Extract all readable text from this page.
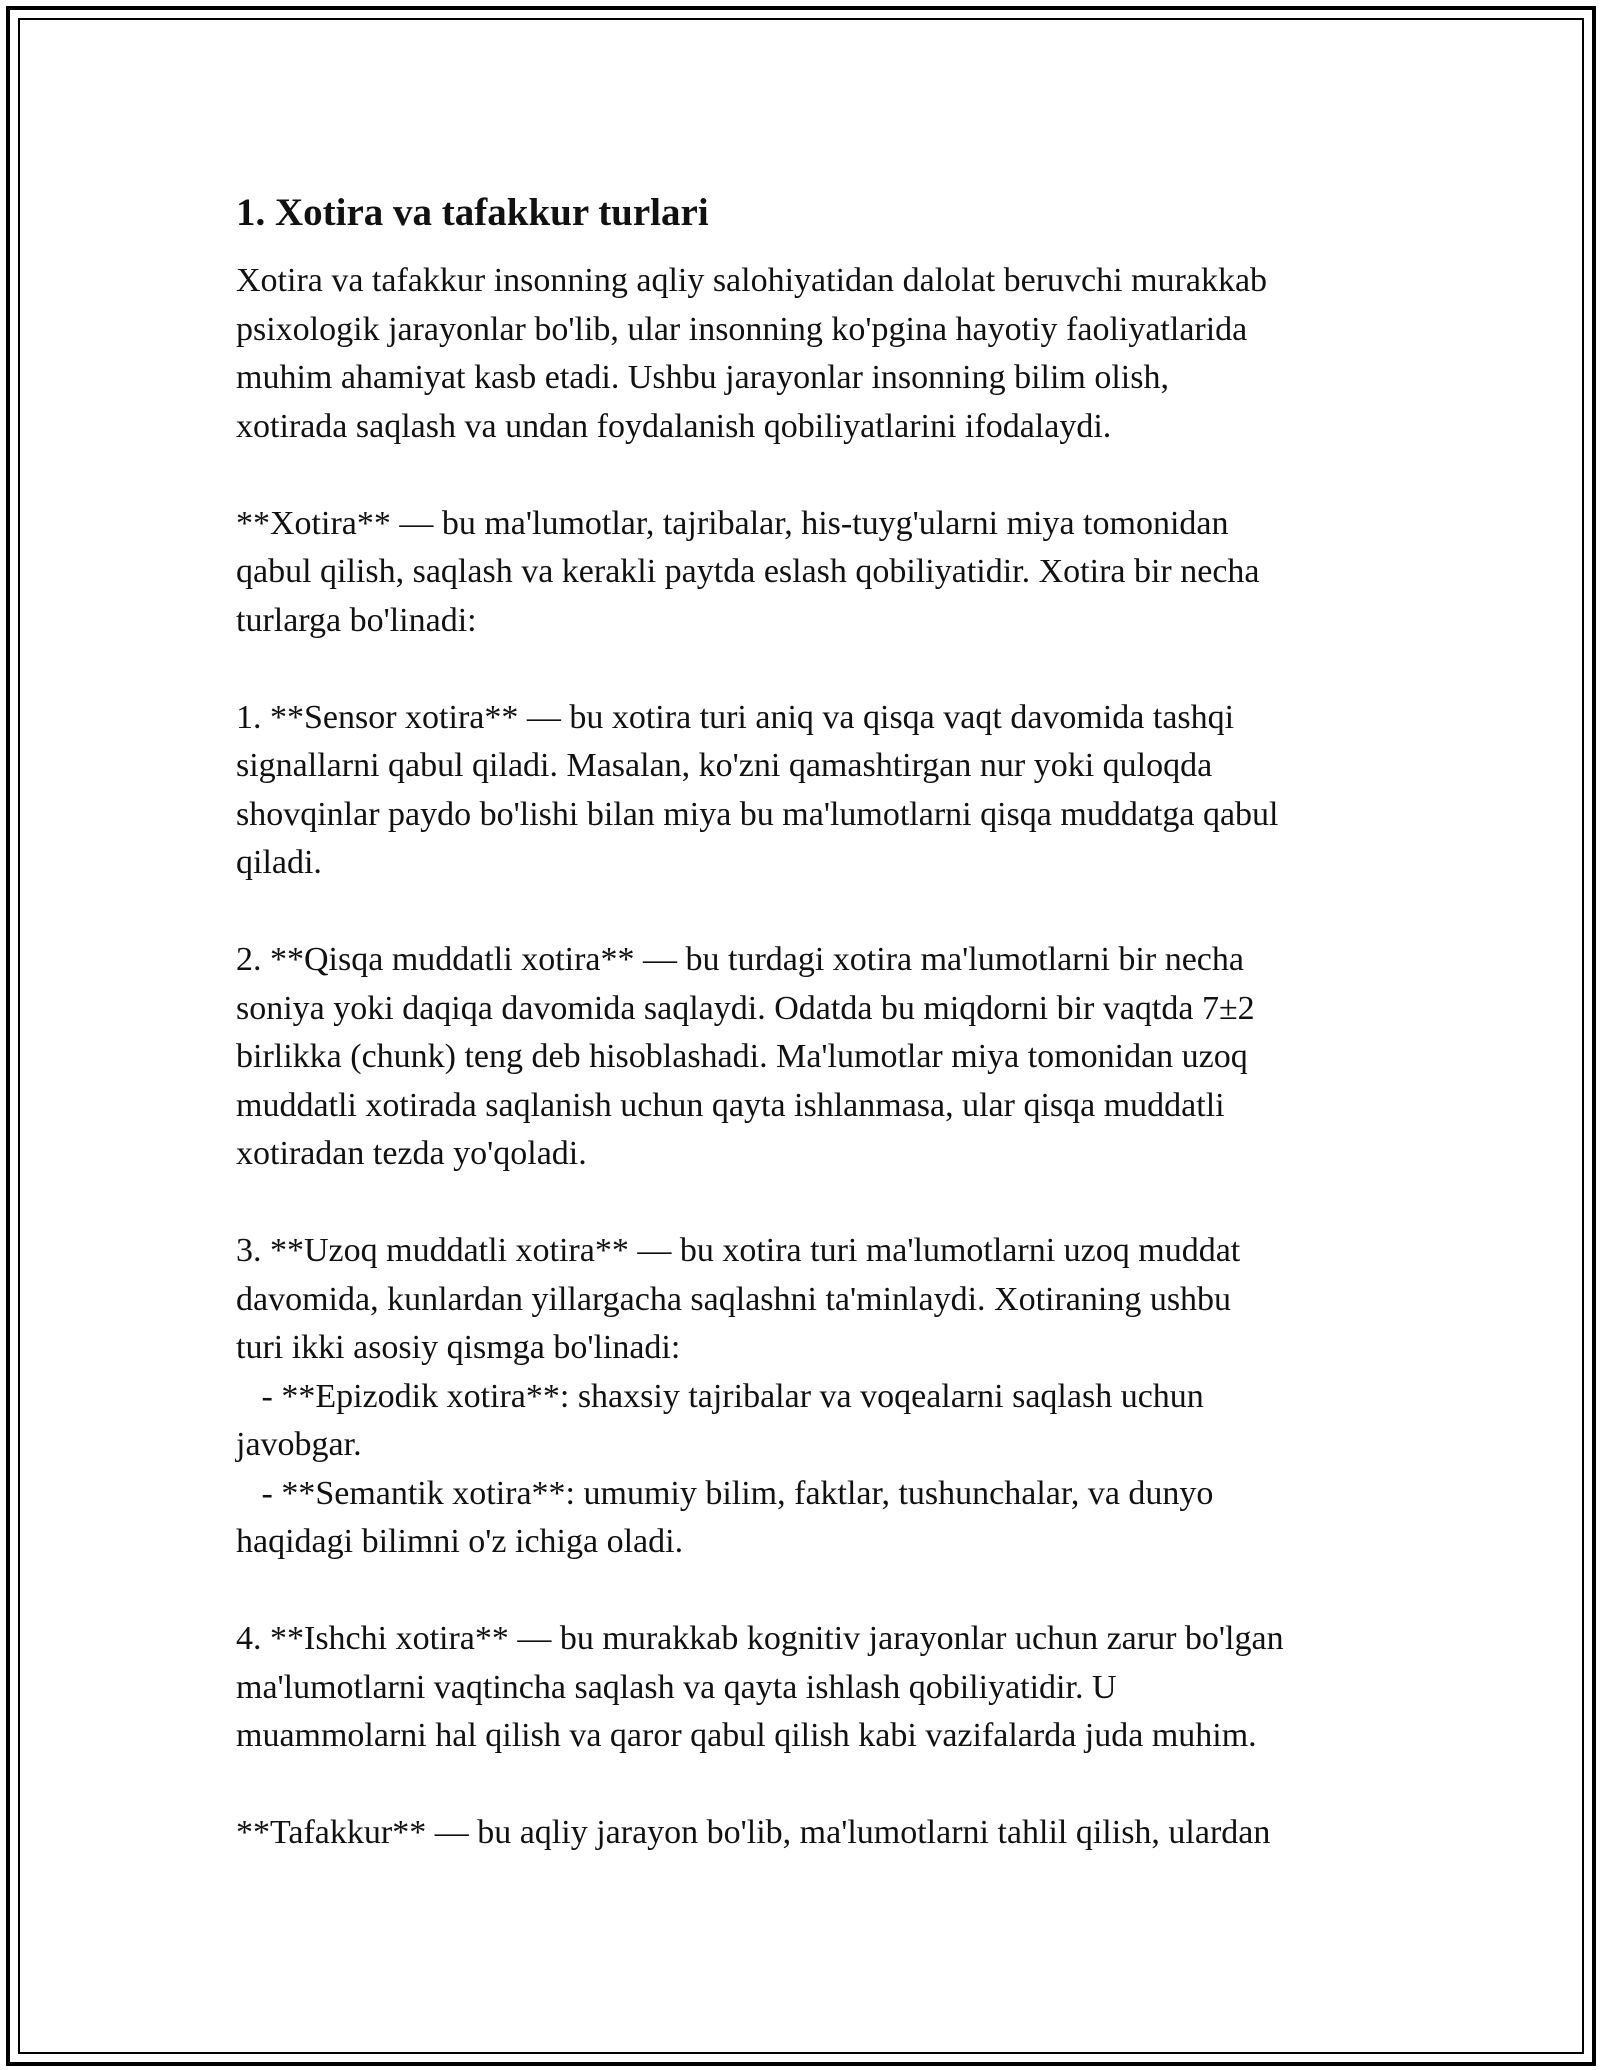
1. Xotira va tafakkur turlari
Xotira va tafakkur insonning aqliy salohiyatidan dalolat beruvchi murakkab
psixologik jarayonlar bo'lib, ular insonning ko'pgina hayotiy faoliyatlarida
muhim ahamiyat kasb etadi. Ushbu jarayonlar insonning bilim olish,
xotirada saqlash va undan foydalanish qobiliyatlarini ifodalaydi.
**Xotira** — bu ma'lumotlar, tajribalar, his-tuyg'ularni miya tomonidan
qabul qilish, saqlash va kerakli paytda eslash qobiliyatidir. Xotira bir necha
turlarga bo'linadi:
1. **Sensor xotira** — bu xotira turi aniq va qisqa vaqt davomida tashqi
signallarni qabul qiladi. Masalan, ko'zni qamashtirgan nur yoki quloqda
shovqinlar paydo bo'lishi bilan miya bu ma'lumotlarni qisqa muddatga qabul
qiladi.
2. **Qisqa muddatli xotira** — bu turdagi xotira ma'lumotlarni bir necha
soniya yoki daqiqa davomida saqlaydi. Odatda bu miqdorni bir vaqtda 7±2
birlikka (chunk) teng deb hisoblashadi. Ma'lumotlar miya tomonidan uzoq
muddatli xotirada saqlanish uchun qayta ishlanmasa, ular qisqa muddatli
xotiradan tezda yo'qoladi.
3. **Uzoq muddatli xotira** — bu xotira turi ma'lumotlarni uzoq muddat
davomida, kunlardan yillargacha saqlashni ta'minlaydi. Xotiraning ushbu
turi ikki asosiy qismga bo'linadi:
- **Epizodik xotira**: shaxsiy tajribalar va voqealarni saqlash uchun
javobgar.
- **Semantik xotira**: umumiy bilim, faktlar, tushunchalar, va dunyo
haqidagi bilimni o'z ichiga oladi.
4. **Ishchi xotira** — bu murakkab kognitiv jarayonlar uchun zarur bo'lgan
ma'lumotlarni vaqtincha saqlash va qayta ishlash qobiliyatidir. U
muammolarni hal qilish va qaror qabul qilish kabi vazifalarda juda muhim.
**Tafakkur** — bu aqliy jarayon bo'lib, ma'lumotlarni tahlil qilish, ulardan
